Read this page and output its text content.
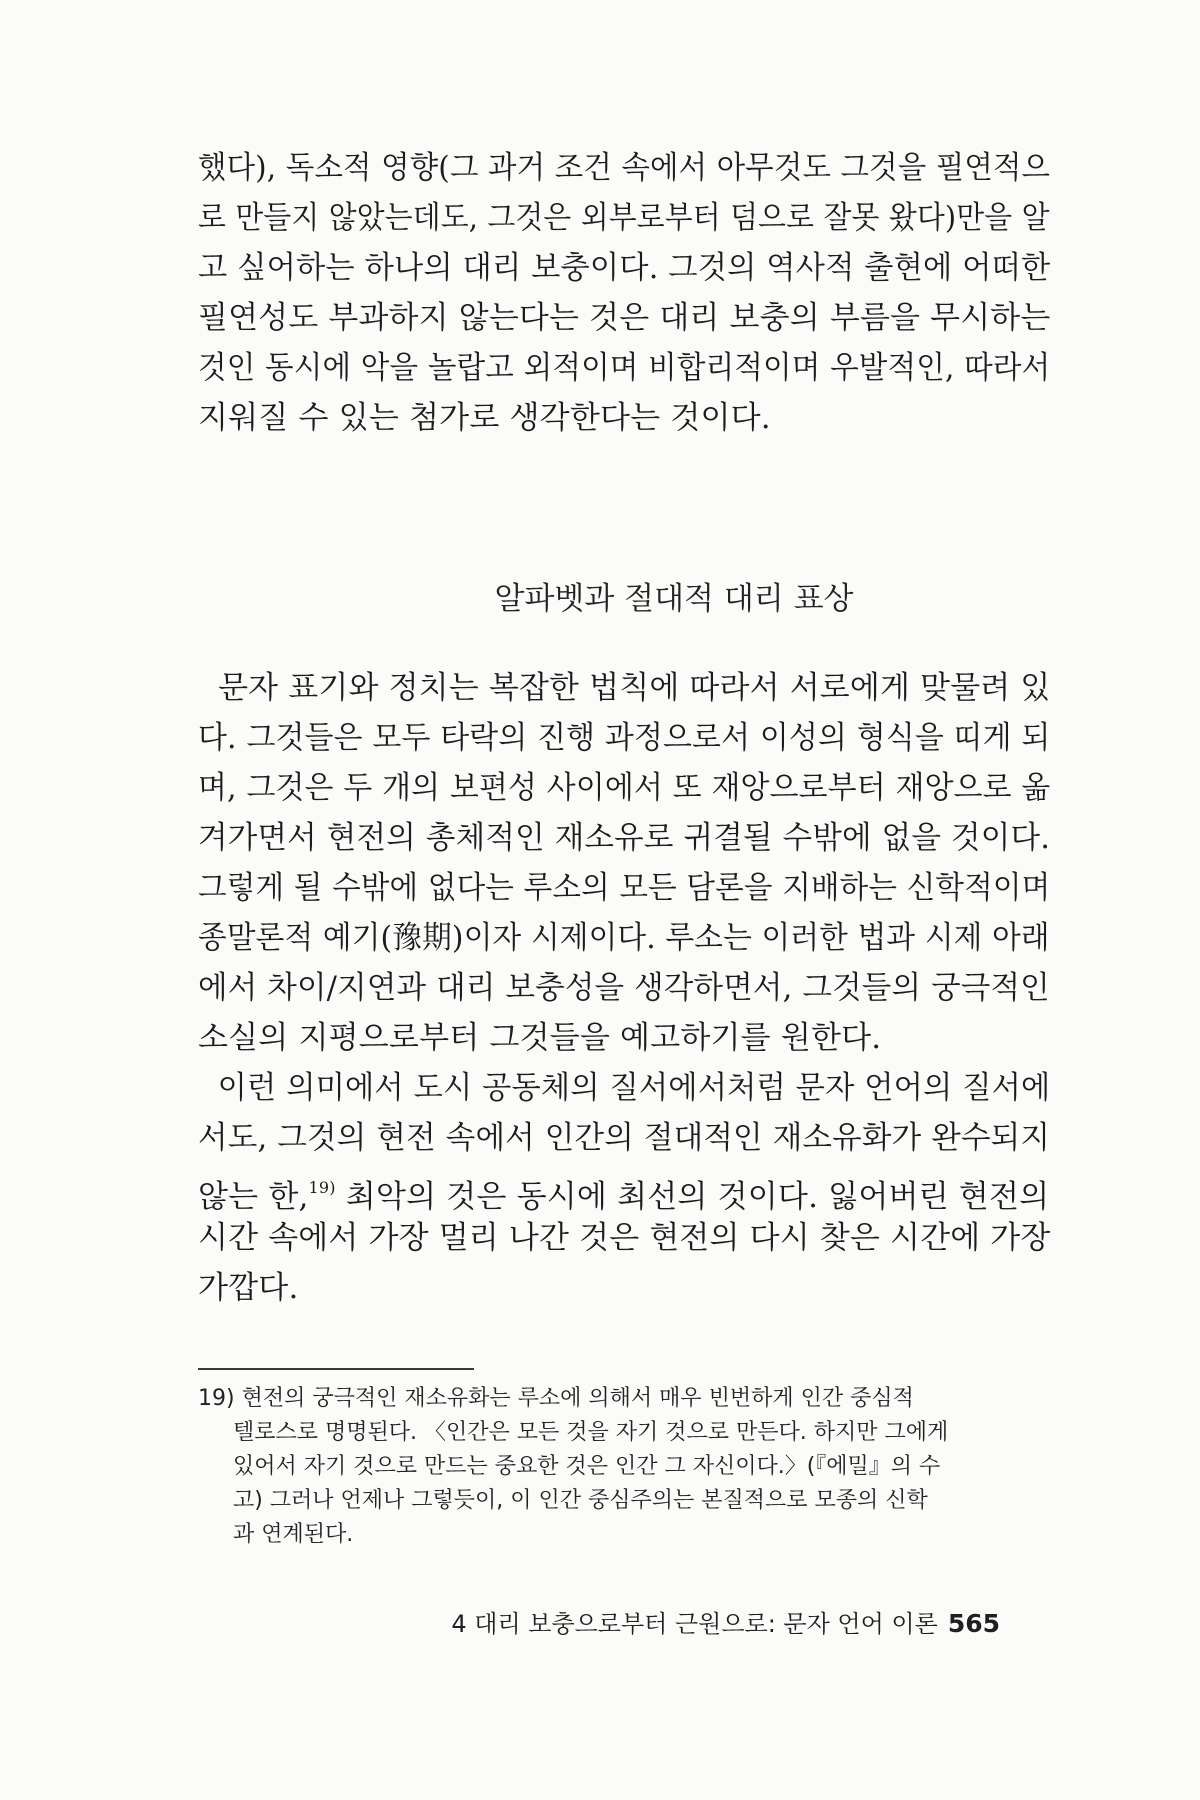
했다), 독소적 영향(그 과거 조건 속에서 아무것도 그것을 필연적으
로 만들지 않았는데도, 그것은 외부로부터 덤으로 잘못 왔다)만을 알
고 싶어하는 하나의 대리 보충이다. 그것의 역사적 출현에 어떠한
필연성도 부과하지 않는다는 것은 대리 보충의 부름을 무시하는
것인 동시에 악을 놀랍고 외적이며 비합리적이며 우발적인, 따라서
지워질 수 있는 첨가로 생각한다는 것이다.
알파벳과 절대적 대리 표상
문자 표기와 정치는 복잡한 법칙에 따라서 서로에게 맞물려 있
다. 그것들은 모두 타락의 진행 과정으로서 이성의 형식을 띠게 되
며, 그것은 두 개의 보편성 사이에서 또 재앙으로부터 재앙으로 옮
겨가면서 현전의 총체적인 재소유로 귀결될 수밖에 없을 것이다.
그렇게 될 수밖에 없다는 루소의 모든 담론을 지배하는 신학적이며
종말론적 예기(豫期)이자 시제이다. 루소는 이러한 법과 시제 아래
에서 차이/지연과 대리 보충성을 생각하면서, 그것들의 궁극적인
소실의 지평으로부터 그것들을 예고하기를 원한다.
이런 의미에서 도시 공동체의 질서에서처럼 문자 언어의 질서에
서도, 그것의 현전 속에서 인간의 절대적인 재소유화가 완수되지
않는 한,$^{19)}$ 최악의 것은 동시에 최선의 것이다. 잃어버린 현전의
시간 속에서 가장 멀리 나간 것은 현전의 다시 찾은 시간에 가장
가깝다.
19) 현전의 궁극적인 재소유화는 루소에 의해서 매우 빈번하게 인간 중심적
텔로스로 명명된다. 〈인간은 모든 것을 자기 것으로 만든다. 하지만 그에게
있어서 자기 것으로 만드는 중요한 것은 인간 그 자신이다.〉(『에밀』의 수
고) 그러나 언제나 그렇듯이, 이 인간 중심주의는 본질적으로 모종의 신학
과 연계된다.
4 대리 보충으로부터 근원으로: 문자 언어 이론 565
